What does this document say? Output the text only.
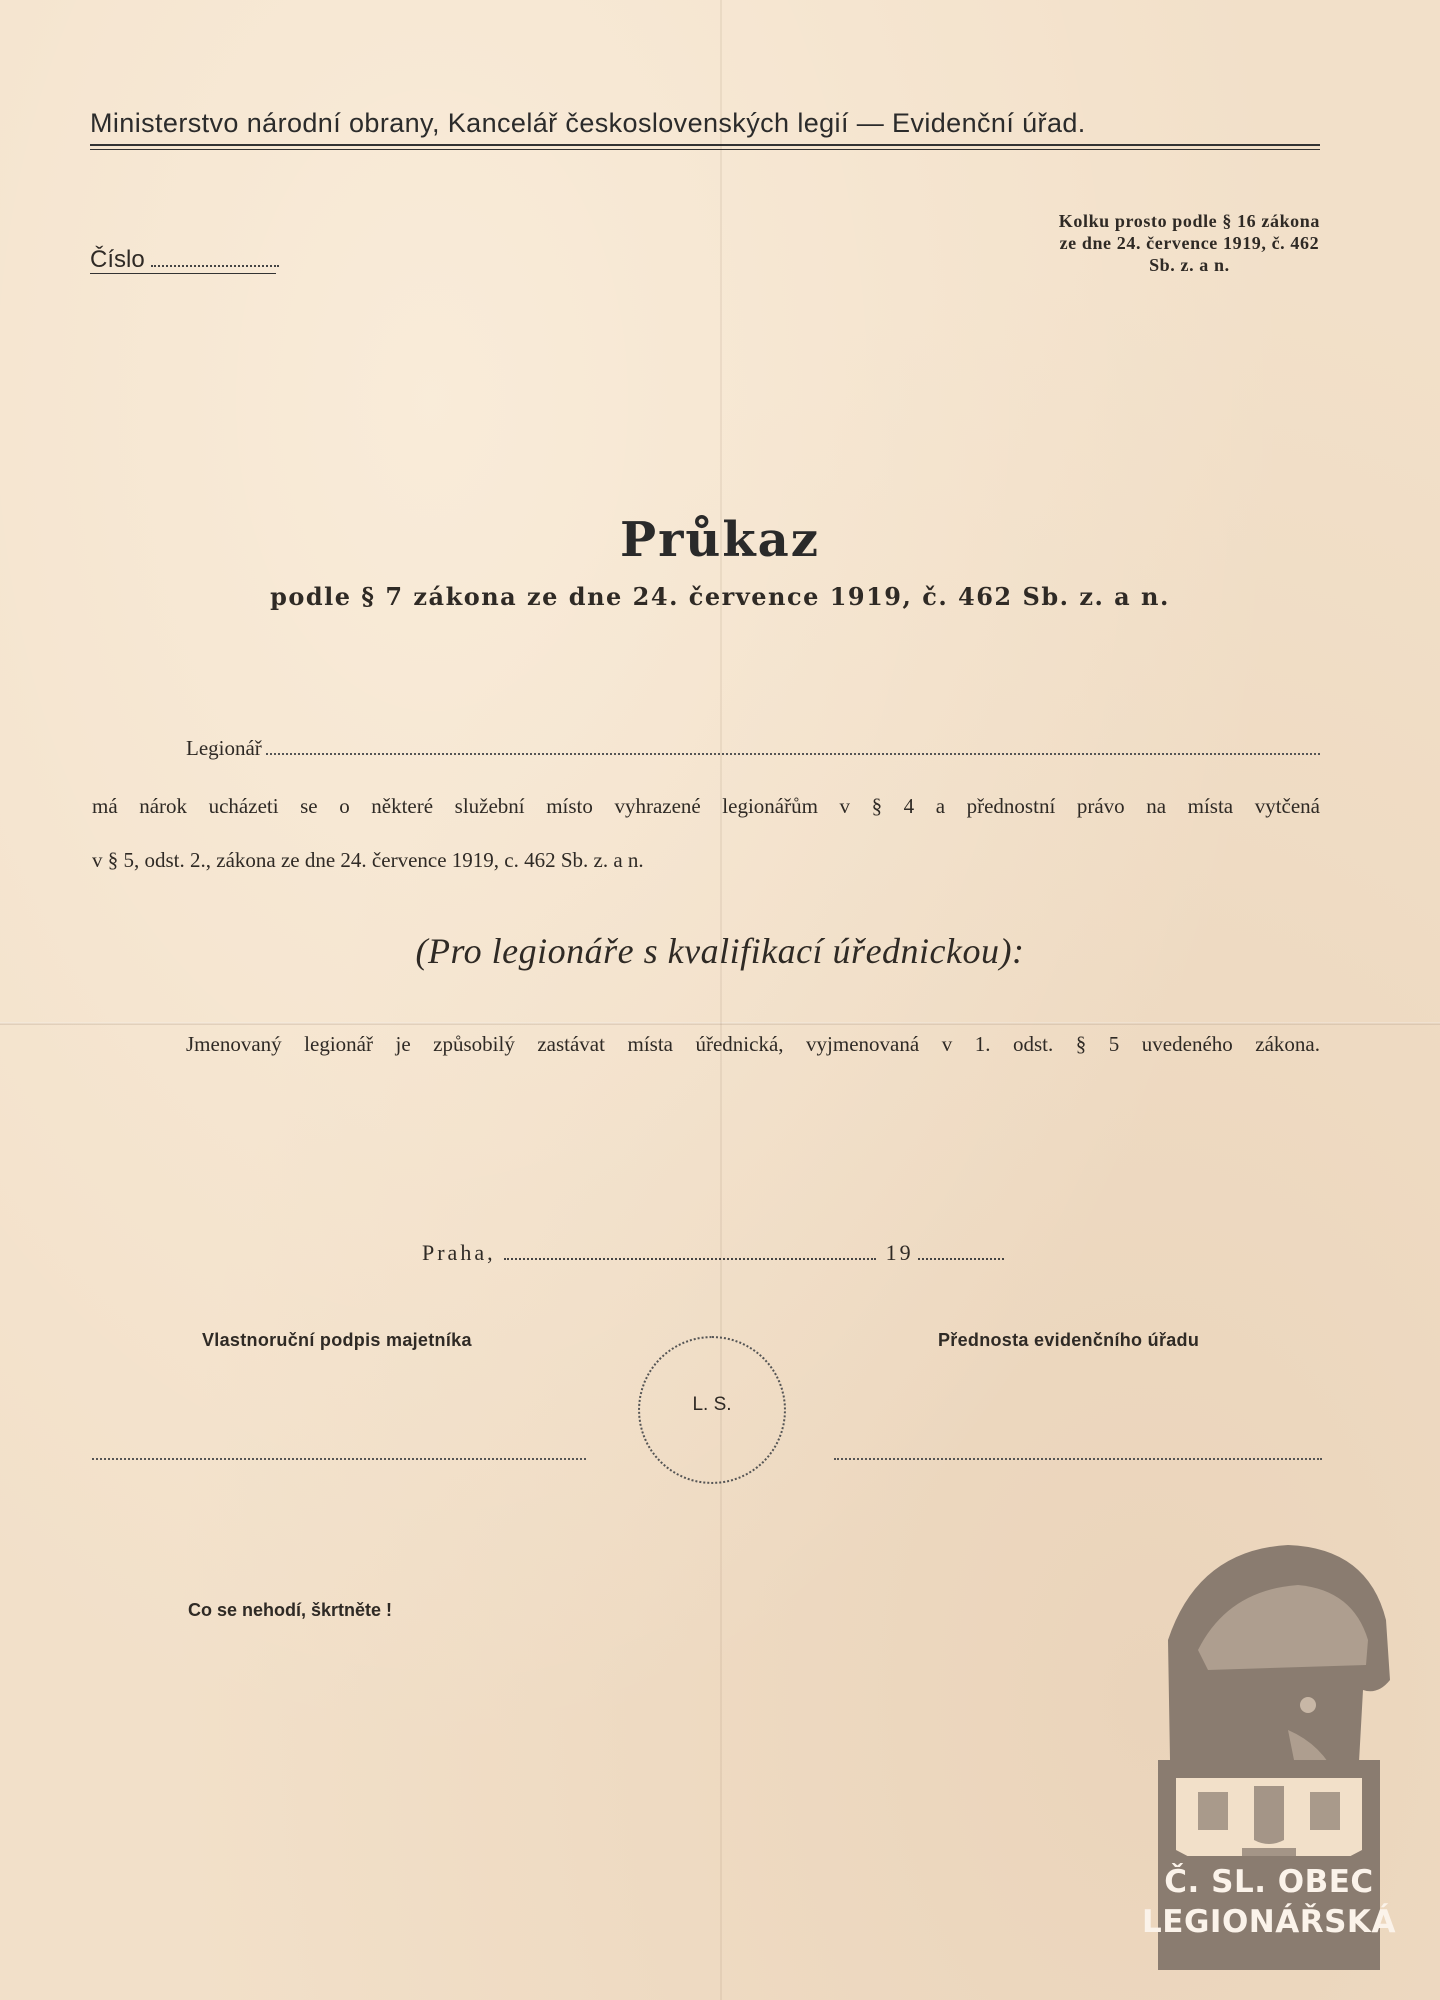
Ministerstvo národní obrany, Kancelář československých legií — Evidenční úřad.
Číslo
Kolku prosto podle § 16 zákona
ze dne 24. července 1919, č. 462
Sb. z. a n.
Průkaz
podle § 7 zákona ze dne 24. července 1919, č. 462 Sb. z. a n.
Legionář
má nárok ucházeti se o některé služební místo vyhrazené legionářům v § 4 a přednostní právo na místa vytčená
v § 5, odst. 2., zákona ze dne 24. července 1919, c. 462 Sb. z. a n.
(Pro legionáře s kvalifikací úřednickou):
Jmenovaný legionář je způsobilý zastávat místa úřednická, vyjmenovaná v 1. odst. § 5 uvedeného zákona.
Praha,	19
Vlastnoruční podpis majetníka	Přednosta evidenčního úřadu
L. S.
Co se nehodí, škrtněte !
Č. SL. OBEC
LEGIONÁŘSKÁ
